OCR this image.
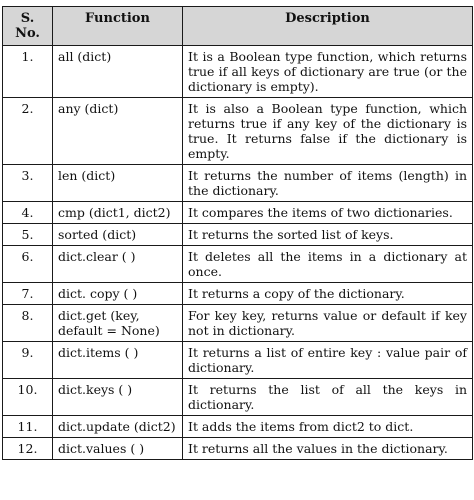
S. No.	Function	Description
1.	all (dict)	It is a Boolean type function, which returns true if all keys of dictionary are true (or the dictionary is empty).
2.	any (dict)	It is also a Boolean type function, which returns true if any key of the dictionary is true. It returns false if the dictionary is empty.
3.	len (dict)	It returns the number of items (length) in the dictionary.
4.	cmp (dict1, dict2)	It compares the items of two dictionaries.
5.	sorted (dict)	It returns the sorted list of keys.
6.	dict.clear ( )	It deletes all the items in a dictionary at once.
7.	dict. copy ( )	It returns a copy of the dictionary.
8.	dict.get (key, default = None)	For key key, returns value or default if key not in dictionary.
9.	dict.items ( )	It returns a list of entire key : value pair of dictionary.
10.	dict.keys ( )	It returns the list of all the keys in dictionary.
11.	dict.update (dict2)	It adds the items from dict2 to dict.
12.	dict.values ( )	It returns all the values in the dictionary.
